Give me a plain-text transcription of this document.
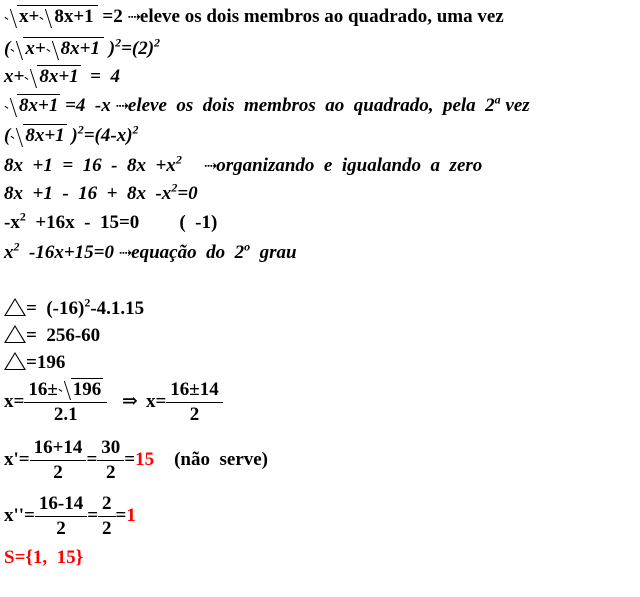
x+ 8x+1 =2 ⇢eleve os dois membros ao quadrado, uma vez
( x+ 8x+1 )$^2=(2)^2$
x+ 8x+1  =  4
8x+1 =4  -x ⇢eleve  os  dois  membros  ao  quadrado,  pela  2$^a$ vez
( 8x+1 )$^2=(4-x)^2$
$8x +1 = 16 - 8x +x^2$ ⇢organizando  e  igualando  a  zero
8x  +1  -  16  +  8x  $-x^2=0$
$-x^2 +16x - 15=0$ (  -1)
$x^2$  -16x+15=0 ⇢equação  do  2$^o$  grau
=  $(-16)^2-4.1.15$
=  256-60
=196
$x= \frac{16\pm 196}{2.1}$ ⇒ $x= \frac{16\pm 14}{2}$
$x'= \frac{16+14}{2} = \frac{30}{2} =15$ (não  serve)
$x''= \frac{16-14}{2} = \frac{2}{2} =1$
S={1,  15}
